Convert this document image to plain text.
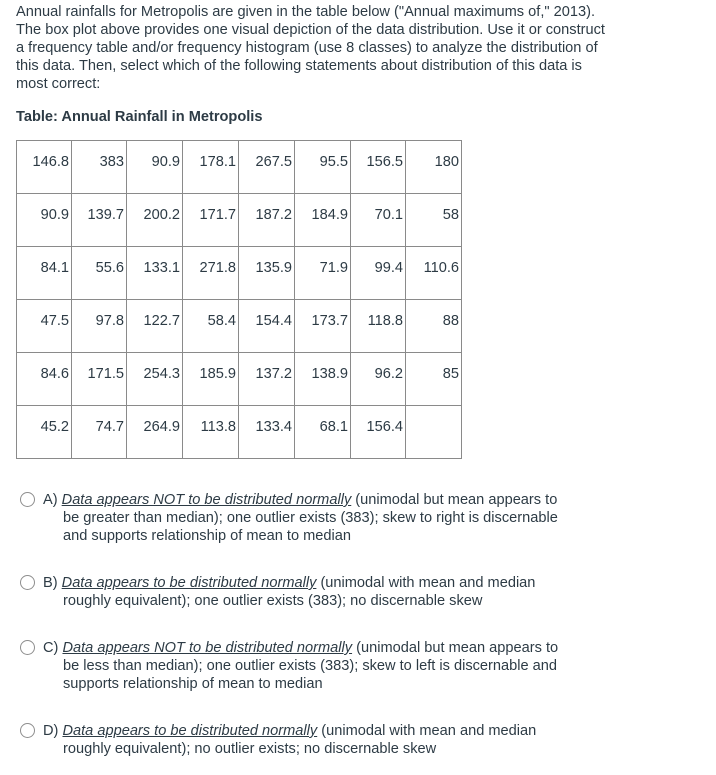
Annual rainfalls for Metropolis are given in the table below ("Annual maximums of," 2013). The box plot above provides one visual depiction of the data distribution. Use it or construct a frequency table and/or frequency histogram (use 8 classes) to analyze the distribution of this data. Then, select which of the following statements about distribution of this data is most correct:

Table: Annual Rainfall in Metropolis

146.8	383	90.9	178.1	267.5	95.5	156.5	180
90.9	139.7	200.2	171.7	187.2	184.9	70.1	58
84.1	55.6	133.1	271.8	135.9	71.9	99.4	110.6
47.5	97.8	122.7	58.4	154.4	173.7	118.8	88
84.6	171.5	254.3	185.9	137.2	138.9	96.2	85
45.2	74.7	264.9	113.8	133.4	68.1	156.4	
A) Data appears NOT to be distributed normally (unimodal but mean appears to
be greater than median); one outlier exists (383); skew to right is discernable
and supports relationship of mean to median
B) Data appears to be distributed normally (unimodal with mean and median
roughly equivalent); one outlier exists (383); no discernable skew
C) Data appears NOT to be distributed normally (unimodal but mean appears to
be less than median); one outlier exists (383); skew to left is discernable and
supports relationship of mean to median
D) Data appears to be distributed normally (unimodal with mean and median
roughly equivalent); no outlier exists; no discernable skew
